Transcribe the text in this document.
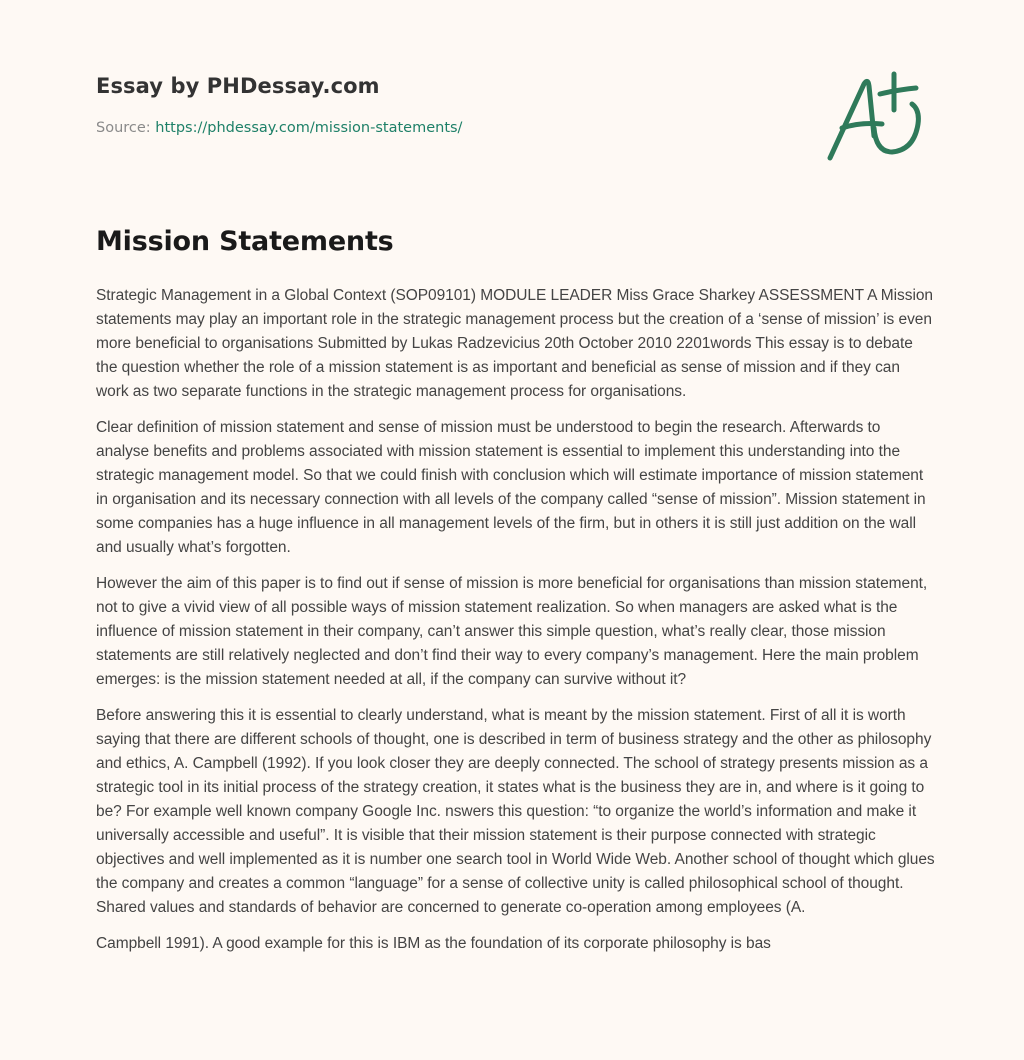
Essay by PHDessay.com
Source: https://phdessay.com/mission-statements/
Mission Statements

Strategic Management in a Global Context (SOP09101) MODULE LEADER Miss Grace Sharkey ASSESSMENT A Mission statements may play an important role in the strategic management process but the creation of a ‘sense of mission’ is even more beneficial to organisations Submitted by Lukas Radzevicius 20th October 2010 2201words This essay is to debate the question whether the role of a mission statement is as important and beneficial as sense of mission and if they can work as two separate functions in the strategic management process for organisations.

Clear definition of mission statement and sense of mission must be understood to begin the research. Afterwards to analyse benefits and problems associated with mission statement is essential to implement this understanding into the strategic management model. So that we could finish with conclusion which will estimate importance of mission statement in organisation and its necessary connection with all levels of the company called “sense of mission”. Mission statement in some companies has a huge influence in all management levels of the firm, but in others it is still just addition on the wall and usually what’s forgotten.

However the aim of this paper is to find out if sense of mission is more beneficial for organisations than mission statement, not to give a vivid view of all possible ways of mission statement realization. So when managers are asked what is the influence of mission statement in their company, can’t answer this simple question, what’s really clear, those mission statements are still relatively neglected and don’t find their way to every company’s management. Here the main problem emerges: is the mission statement needed at all, if the company can survive without it?

Before answering this it is essential to clearly understand, what is meant by the mission statement. First of all it is worth saying that there are different schools of thought, one is described in term of business strategy and the other as philosophy and ethics, A. Campbell (1992). If you look closer they are deeply connected. The school of strategy presents mission as a strategic tool in its initial process of the strategy creation, it states what is the business they are in, and where is it going to be? For example well known company Google Inc. nswers this question: “to organize the world’s information and make it universally accessible and useful”. It is visible that their mission statement is their purpose connected with strategic objectives and well implemented as it is number one search tool in World Wide Web. Another school of thought which glues the company and creates a common “language” for a sense of collective unity is called philosophical school of thought. Shared values and standards of behavior are concerned to generate co-operation among employees (A.

Campbell 1991). A good example for this is IBM as the foundation of its corporate philosophy is bas
